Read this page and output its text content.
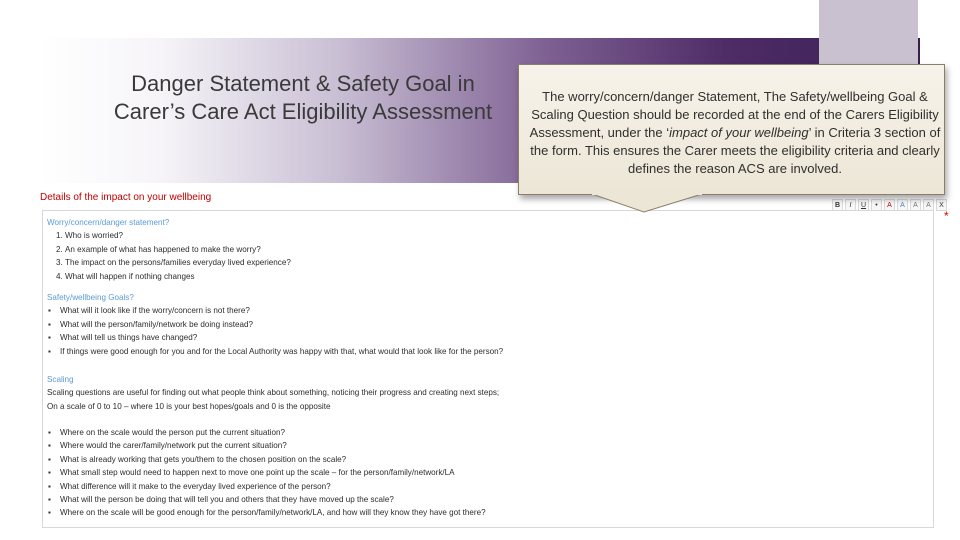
Danger Statement & Safety Goal in
Carer’s Care Act Eligibility Assessment
Details of the impact on your wellbeing
B	I	U	•	A	A	A	A	X
*
Worry/concern/danger statement?
1. Who is worried?
2. An example of what has happened to make the worry?
3. The impact on the persons/families everyday lived experience?
4. What will happen if nothing changes
Safety/wellbeing Goals?
▪ What will it look like if the worry/concern is not there?
▪ What will the person/family/network be doing instead?
▪ What will tell us things have changed?
▪ If things were good enough for you and for the Local Authority was happy with that, what would that look like for the person?
Scaling

Scaling questions are useful for finding out what people think about something, noticing their progress and creating next steps;

On a scale of 0 to 10 – where 10 is your best hopes/goals and 0 is the opposite

▪ Where on the scale would the person put the current situation?
▪ Where would the carer/family/network put the current situation?
▪ What is already working that gets you/them to the chosen position on the scale?
▪ What small step would need to happen next to move one point up the scale – for the person/family/network/LA
▪ What difference will it make to the everyday lived experience of the person?
▪ What will the person be doing that will tell you and others that they have moved up the scale?
▪ Where on the scale will be good enough for the person/family/network/LA, and how will they know they have got there?
The worry/concern/danger Statement, The Safety/wellbeing Goal & Scaling Question should be recorded at the end of the Carers Eligibility Assessment, under the ‘impact of your wellbeing’ in Criteria 3 section of the form. This ensures the Carer meets the eligibility criteria and clearly defines the reason ACS are involved.
